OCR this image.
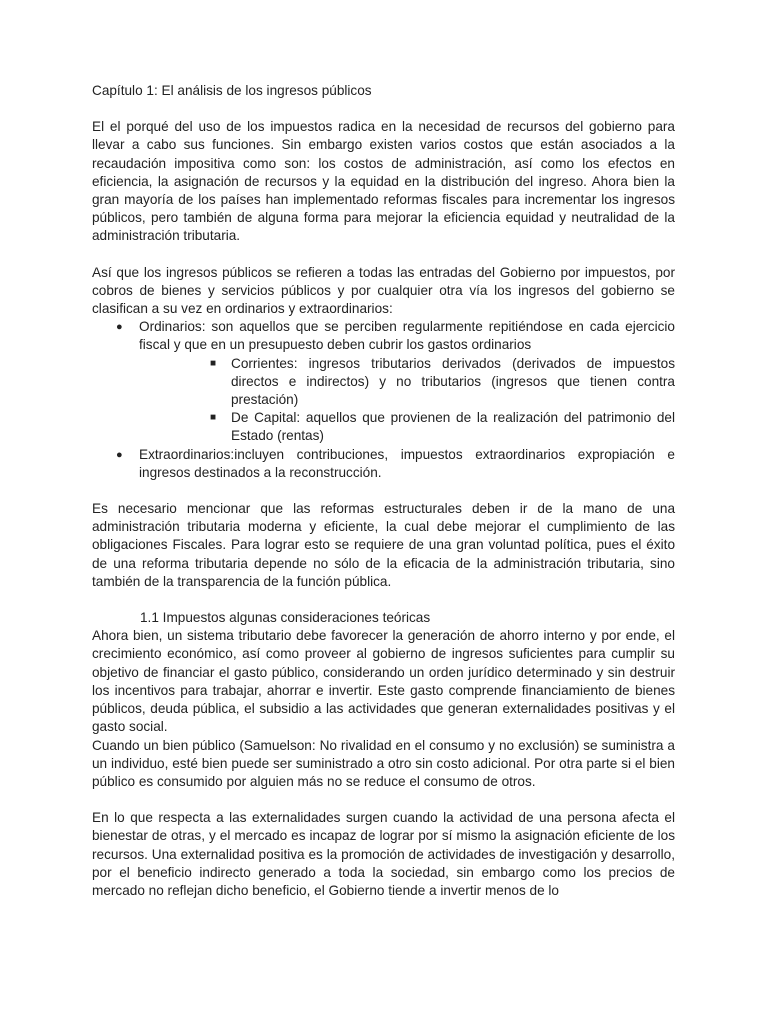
Capítulo 1: El análisis de los ingresos públicos

El el porqué del uso de los impuestos radica en la necesidad de recursos del gobierno para llevar a cabo sus funciones. Sin embargo existen varios costos que están asociados a la recaudación impositiva como son: los costos de administración, así como los efectos en eficiencia, la asignación de recursos y la equidad en la distribución del ingreso. Ahora bien la gran mayoría de los países han implementado reformas fiscales para incrementar los ingresos públicos, pero también de alguna forma para mejorar la eficiencia equidad y neutralidad de la administración tributaria.

Así que los ingresos públicos se refieren a todas las entradas del Gobierno por impuestos, por cobros de bienes y servicios públicos y por cualquier otra vía los ingresos del gobierno se clasifican a su vez en ordinarios y extraordinarios:

● Ordinarios: son aquellos que se perciben regularmente repitiéndose en cada ejercicio fiscal y que en un presupuesto deben cubrir los gastos ordinarios
■ Corrientes: ingresos tributarios derivados (derivados de impuestos directos e indirectos) y no tributarios (ingresos que tienen contra prestación)
■ De Capital: aquellos que provienen de la realización del patrimonio del Estado (rentas)
● Extraordinarios:incluyen contribuciones, impuestos extraordinarios expropiación e ingresos destinados a la reconstrucción.

Es necesario mencionar que las reformas estructurales deben ir de la mano de una administración tributaria moderna y eficiente, la cual debe mejorar el cumplimiento de las obligaciones Fiscales. Para lograr esto se requiere de una gran voluntad política, pues el éxito de una reforma tributaria depende no sólo de la eficacia de la administración tributaria, sino también de la transparencia de la función pública.

1.1 Impuestos algunas consideraciones teóricas

Ahora bien, un sistema tributario debe favorecer la generación de ahorro interno y por ende, el crecimiento económico, así como proveer al gobierno de ingresos suficientes para cumplir su objetivo de financiar el gasto público, considerando un orden jurídico determinado y sin destruir los incentivos para trabajar, ahorrar e invertir. Este gasto comprende financiamiento de bienes públicos, deuda pública, el subsidio a las actividades que generan externalidades positivas y el gasto social.

Cuando un bien público (Samuelson: No rivalidad en el consumo y no exclusión) se suministra a un individuo, esté bien puede ser suministrado a otro sin costo adicional. Por otra parte si el bien público es consumido por alguien más no se reduce el consumo de otros.

En lo que respecta a las externalidades surgen cuando la actividad de una persona afecta el bienestar de otras, y el mercado es incapaz de lograr por sí mismo la asignación eficiente de los recursos. Una externalidad positiva es la promoción de actividades de investigación y desarrollo, por el beneficio indirecto generado a toda la sociedad, sin embargo como los precios de mercado no reflejan dicho beneficio, el Gobierno tiende a invertir menos de lo
